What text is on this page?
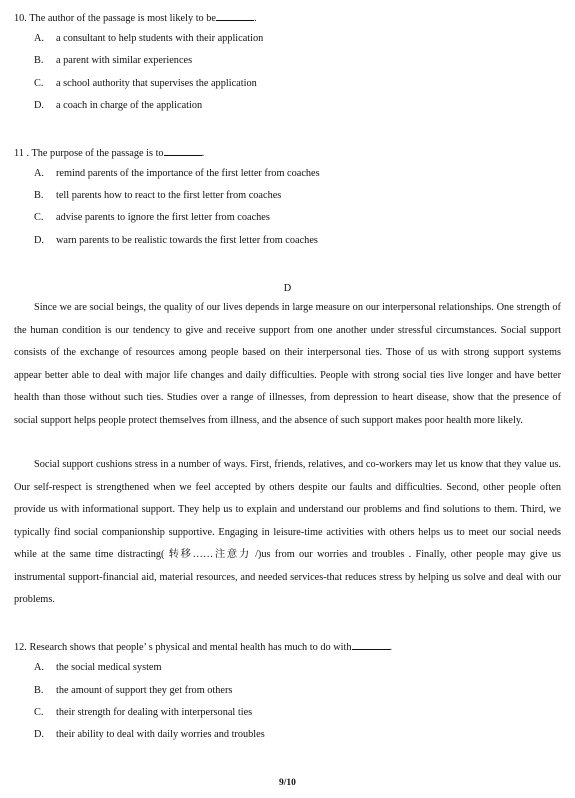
10. The author of the passage is most likely to be	.
A. a consultant to help students with their application
B. a parent with similar experiences
C. a school authority that supervises the application
D. a coach in charge of the application
11 . The purpose of the passage is to	.
A. remind parents of the importance of the first letter from coaches
B. tell parents how to react to the first letter from coaches
C. advise parents to ignore the first letter from coaches
D. warn parents to be realistic towards the first letter from coaches
D

Since we are social beings, the quality of our lives depends in large measure on our interpersonal relationships. One strength of the human condition is our tendency to give and receive support from one another under stressful circumstances. Social support consists of the exchange of resources among people based on their interpersonal ties. Those of us with strong support systems appear better able to deal with major life changes and daily difficulties. People with strong social ties live longer and have better health than those without such ties. Studies over a range of illnesses, from depression to heart disease, show that the presence of social support helps people protect themselves from illness, and the absence of such support makes poor health more likely.

Social support cushions stress in a number of ways. First, friends, relatives, and co-workers may let us know that they value us. Our self-respect is strengthened when we feel accepted by others despite our faults and difficulties. Second, other people often provide us with informational support. They help us to explain and understand our problems and find solutions to them. Third, we typically find social companionship supportive. Engaging in leisure-time activities with others helps us to meet our social needs while at the same time distracting( 转移……注意力 /)us from our worries and troubles . Finally, other people may give us instrumental support-financial aid, material resources, and needed services-that reduces stress by helping us solve and deal with our problems.

12. Research shows that people’ s physical and mental health has much to do with	.
A. the social medical system
B. the amount of support they get from others
C. their strength for dealing with interpersonal ties
D. their ability to deal with daily worries and troubles
9/10
